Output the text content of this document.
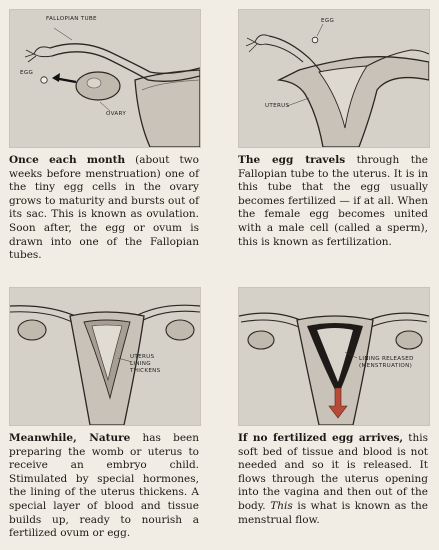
FALLOPIAN TUBE
EGG
OVARY
Once each month (about two weeks before menstruation) one of the tiny egg cells in the ovary grows to maturity and bursts out of its sac. This is known as ovulation. Soon after, the egg or ovum is drawn into one of the Fallopian tubes.
EGG
UTERUS
The egg travels through the Fallopian tube to the uterus. It is in this tube that the egg usually becomes fertilized — if at all. When the female egg becomes united with a male cell (called a sperm), this is known as fertilization.
UTERUS LINING THICKENS
Meanwhile, Nature has been preparing the womb or uterus to receive an embryo child. Stimulated by special hormones, the lining of the uterus thickens. A special layer of blood and tissue builds up, ready to nourish a fertilized ovum or egg.
LINING RELEASED (MENSTRUATION)
If no fertilized egg arrives, this soft bed of tissue and blood is not needed and so it is released. It flows through the uterus opening into the vagina and then out of the body. This is what is known as the menstrual flow.
